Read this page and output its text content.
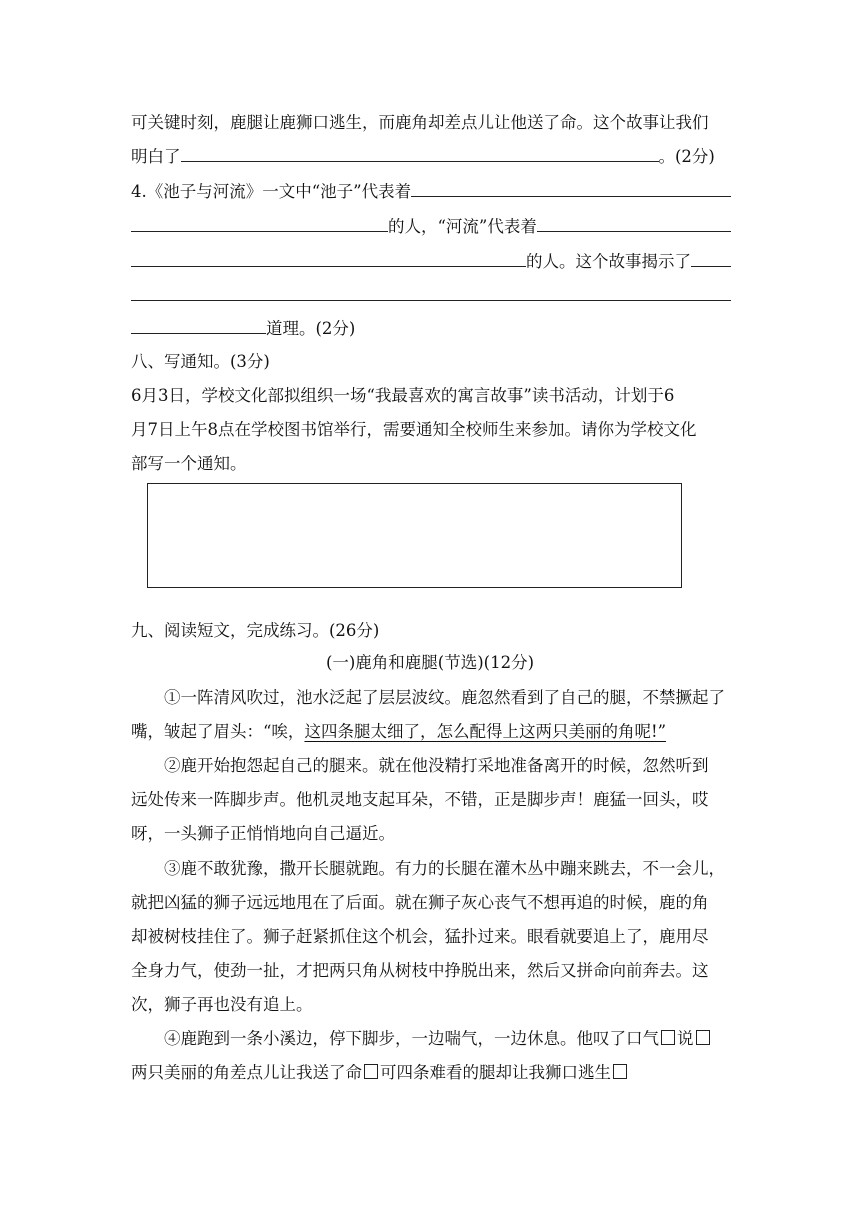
可关键时刻，鹿腿让鹿狮口逃生，而鹿角却差点儿让他送了命。这个故事让我们
明白了	。(2分)
4.《池子与河流》一文中“池子”代表着
的人，“河流”代表着
的人。这个故事揭示了
道理。(2分)
八、写通知。(3分)
6月3日，学校文化部拟组织一场“我最喜欢的寓言故事”读书活动，计划于6
月7日上午8点在学校图书馆举行，需要通知全校师生来参加。请你为学校文化
部写一个通知。
九、阅读短文，完成练习。(26分)
(一)鹿角和鹿腿(节选)(12分)
①一阵清风吹过，池水泛起了层层波纹。鹿忽然看到了自己的腿，不禁撅起了
嘴，皱起了眉头：“唉， 这四条腿太细了，怎么配得上这两只美丽的角呢!”
②鹿开始抱怨起自己的腿来。就在他没精打采地准备离开的时候，忽然听到
远处传来一阵脚步声。他机灵地支起耳朵，不错，正是脚步声！鹿猛一回头，哎
呀，一头狮子正悄悄地向自己逼近。
③鹿不敢犹豫，撒开长腿就跑。有力的长腿在灌木丛中蹦来跳去，不一会儿，
就把凶猛的狮子远远地甩在了后面。就在狮子灰心丧气不想再追的时候，鹿的角
却被树枝挂住了。狮子赶紧抓住这个机会，猛扑过来。眼看就要追上了，鹿用尽
全身力气，使劲一扯，才把两只角从树枝中挣脱出来，然后又拼命向前奔去。这
次，狮子再也没有追上。
④鹿跑到一条小溪边，停下脚步，一边喘气，一边休息。他叹了口气 说
两只美丽的角差点儿让我送了命 可四条难看的腿却让我狮口逃生
